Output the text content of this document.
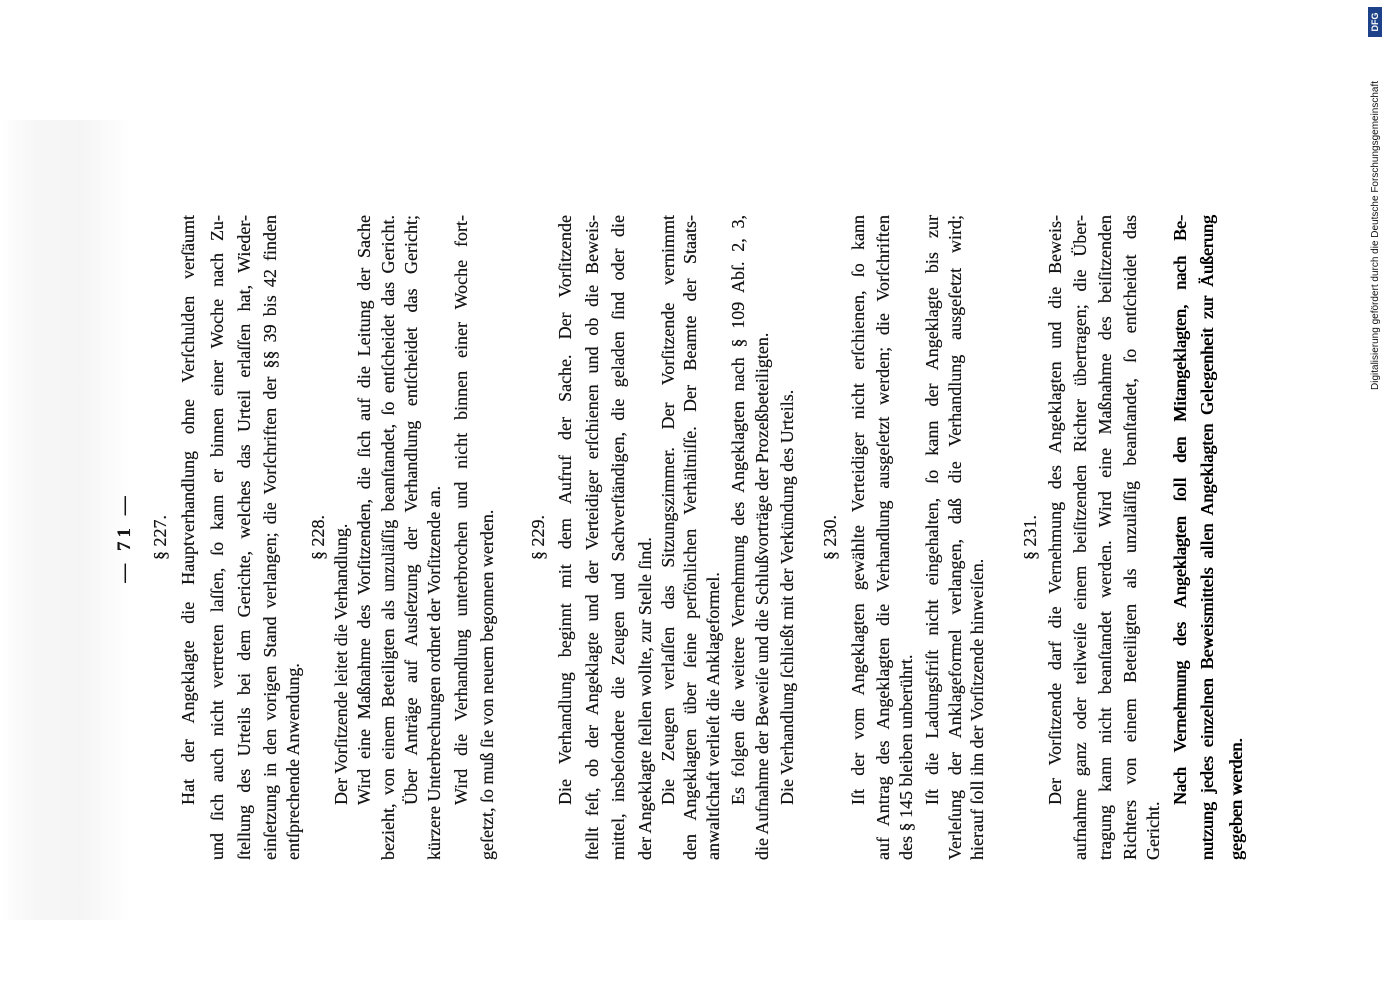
— 71 — § 227. Hat der Angeklagte die Hauptverhandlung ohne Verſchulden verſäumt und ſich auch nicht vertreten laſſen, ſo kann er binnen einer Woche nach Zu- ſtellung des Urteils bei dem Gerichte, welches das Urteil erlaſſen hat, Wieder- einſetzung in den vorigen Stand verlangen; die Vorſchriften der §§ 39 bis 42 finden entſprechende Anwendung.
§ 228. Der Vorſitzende leitet die Verhandlung. Wird eine Maßnahme des Vorſitzenden, die ſich auf die Leitung der Sache bezieht, von einem Beteiligten als unzuläſſig beanſtandet, ſo entſcheidet das Gericht. Über Anträge auf Ausſetzung der Verhandlung entſcheidet das Gericht; kürzere Unterbrechungen ordnet der Vorſitzende an. Wird die Verhandlung unterbrochen und nicht binnen einer Woche fort- geſetzt, ſo muß ſie von neuem begonnen werden. § 229. Die Verhandlung beginnt mit dem Aufruf der Sache. Der Vorſitzende ſtellt feſt, ob der Angeklagte und der Verteidiger erſchienen und ob die Beweis- mittel, insbeſondere die Zeugen und Sachverſtändigen, die geladen ſind oder die der Angeklagte ſtellen wollte, zur Stelle ſind. Die Zeugen verlaſſen das Sitzungszimmer. Der Vorſitzende vernimmt den Angeklagten über ſeine perſönlichen Verhältniſſe. Der Beamte der Staats- anwaltſchaft verlieſt die Anklageformel. Es folgen die weitere Vernehmung des Angeklagten nach § 109 Abſ. 2, 3, die Aufnahme der Beweiſe und die Schlußvorträge der Prozeßbeteiligten. Die Verhandlung ſchließt mit der Verkündung des Urteils. § 230. Iſt der vom Angeklagten gewählte Verteidiger nicht erſchienen, ſo kann auf Antrag des Angeklagten die Verhandlung ausgeſetzt werden; die Vorſchriften des § 145 bleiben unberührt. Iſt die Ladungsfriſt nicht eingehalten, ſo kann der Angeklagte bis zur Verleſung der Anklageformel verlangen, daß die Verhandlung ausgeſetzt wird; hierauf ſoll ihn der Vorſitzende hinweiſen.
§ 231. Der Vorſitzende darf die Vernehmung des Angeklagten und die Beweis- aufnahme ganz oder teilweiſe einem beiſitzenden Richter übertragen; die Über- tragung kann nicht beanſtandet werden. Wird eine Maßnahme des beiſitzenden Richters von einem Beteiligten als unzuläſſig beanſtandet, ſo entſcheidet das Gericht.
Nach Vernehmung des Angeklagten ſoll den Mitangeklagten, nach Be- nutzung jedes einzelnen Beweismittels allen Angeklagten Gelegenheit zur Äußerung gegeben werden.
Digitalisierung gefördert durch die Deutsche Forschungsgemeinschaft
DFG
